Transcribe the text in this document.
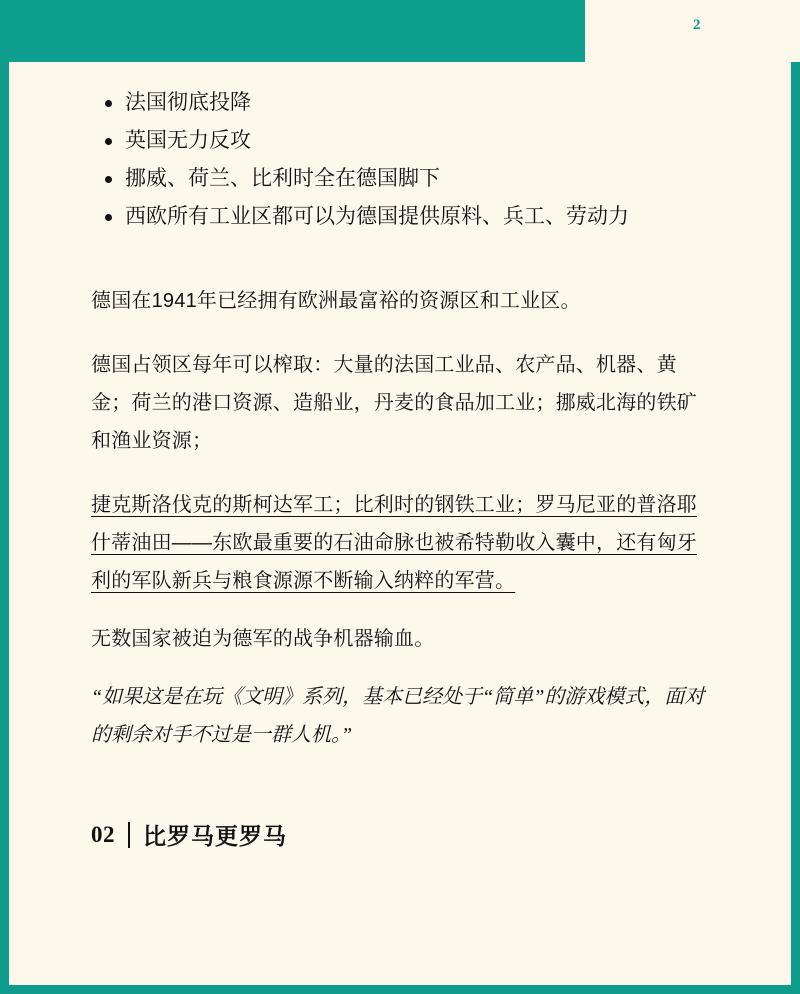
2
法国彻底投降
英国无力反攻
挪威、荷兰、比利时全在德国脚下
西欧所有工业区都可以为德国提供原料、兵工、劳动力

德国在1941年已经拥有欧洲最富裕的资源区和工业区。

德国占领区每年可以榨取：大量的法国工业品、农产品、机器、黄金；荷兰的港口资源、造船业，丹麦的食品加工业；挪威北海的铁矿和渔业资源；

捷克斯洛伐克的斯柯达军工；比利时的钢铁工业；罗马尼亚的普洛耶什蒂油田——东欧最重要的石油命脉也被希特勒收入囊中，还有匈牙利的军队新兵与粮食源源不断输入纳粹的军营。

无数国家被迫为德军的战争机器输血。

“如果这是在玩《文明》系列，基本已经处于“简单”的游戏模式，面对的剩余对手不过是一群人机。”

02 比罗马更罗马
